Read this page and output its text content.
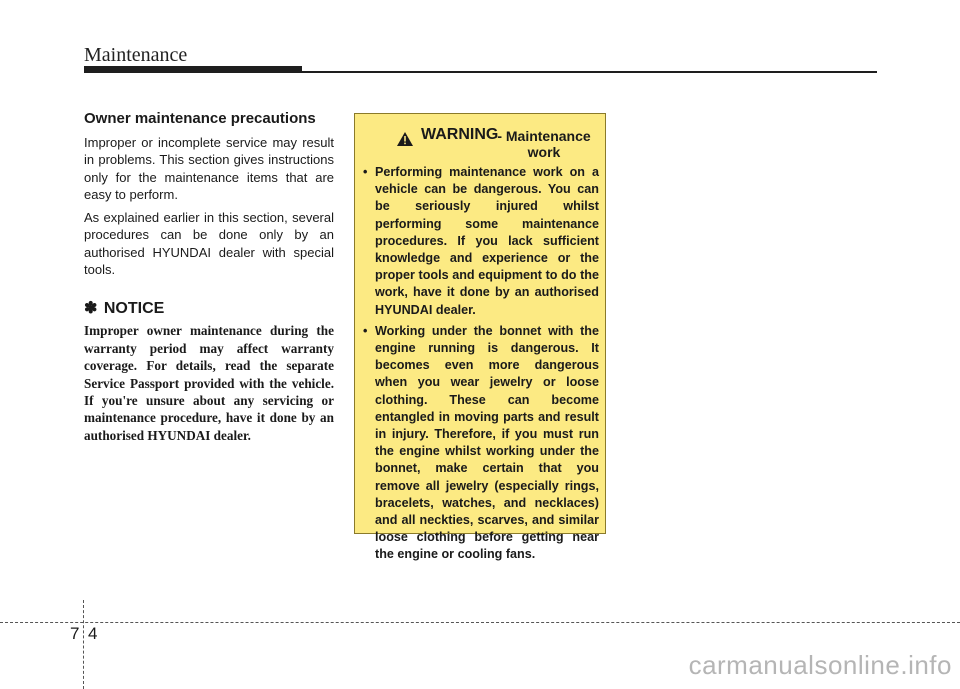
Maintenance
Owner maintenance precautions

Improper or incomplete service may result in problems. This section gives instructions only for the maintenance items that are easy to perform.

As explained earlier in this section, several procedures can be done only by an authorised HYUNDAI dealer with special tools.

✽ NOTICE
Improper owner maintenance during the warranty period may affect warranty coverage. For details, read the separate Service Passport provided with the vehicle. If you're unsure about any servicing or maintenance procedure, have it done by an authorised HYUNDAI dealer.
WARNING
- Maintenance work
• Performing maintenance work on a vehicle can be dangerous. You can be seriously injured whilst performing some maintenance procedures. If you lack sufficient knowledge and experience or the proper tools and equipment to do the work, have it done by an authorised HYUNDAI dealer.
• Working under the bonnet with the engine running is dangerous. It becomes even more dangerous when you wear jewelry or loose clothing. These can become entangled in moving parts and result in injury. Therefore, if you must run the engine whilst working under the bonnet, make certain that you remove all jewelry (especially rings, bracelets, watches, and necklaces) and all neckties, scarves, and similar loose clothing before getting near the engine or cooling fans.
7 4
carmanualsonline.info
